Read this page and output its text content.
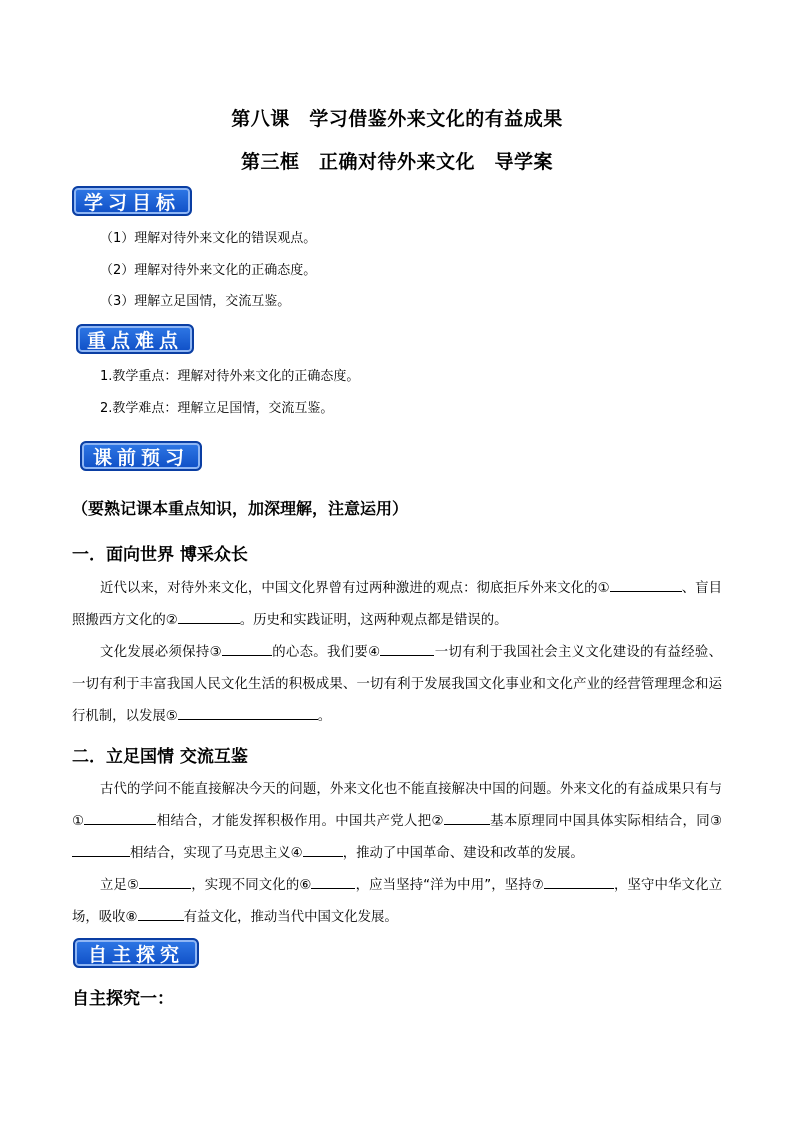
第八课　学习借鉴外来文化的有益成果
第三框　正确对待外来文化　导学案
学习目标
（1）理解对待外来文化的错误观点。
（2）理解对待外来文化的正确态度。
（3）理解立足国情，交流互鉴。
重点难点
1.教学重点：理解对待外来文化的正确态度。
2.教学难点：理解立足国情，交流互鉴。
课前预习
（要熟记课本重点知识，加深理解，注意运用）
一．面向世界 博采众长
近代以来，对待外来文化，中国文化界曾有过两种激进的观点：彻底拒斥外来文化的①	、盲目照搬西方文化的②	。历史和实践证明，这两种观点都是错误的。
文化发展必须保持③	的心态。我们要④	一切有利于我国社会主义文化建设的有益经验、一切有利于丰富我国人民文化生活的积极成果、一切有利于发展我国文化事业和文化产业的经营管理理念和运行机制，以发展⑤	。
二．立足国情 交流互鉴
古代的学问不能直接解决今天的问题，外来文化也不能直接解决中国的问题。外来文化的有益成果只有与①	相结合，才能发挥积极作用。中国共产党人把②	基本原理同中国具体实际相结合，同③相结合，实现了马克思主义④	，推动了中国革命、建设和改革的发展。
立足⑤	，实现不同文化的⑥	，应当坚持“洋为中用”，坚持⑦	，坚守中华文化立场，吸收⑧	有益文化，推动当代中国文化发展。
自主探究
自主探究一：
